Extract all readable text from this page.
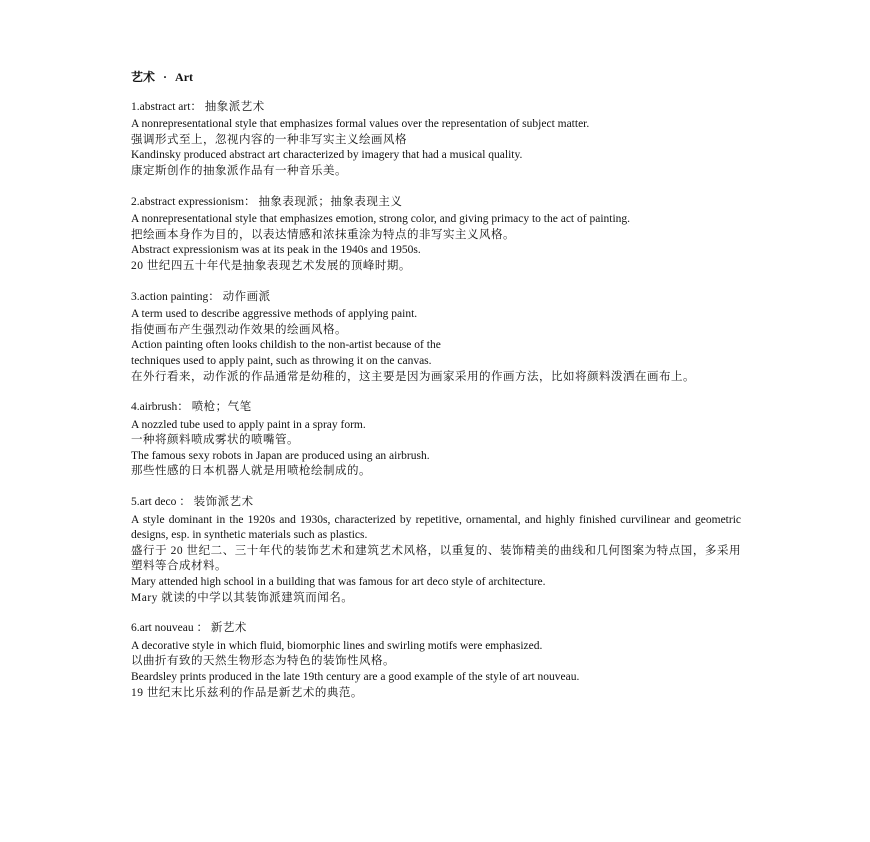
艺术 · Art
1.abstract art： 抽象派艺术
A nonrepresentational style that emphasizes formal values over the representation of subject matter.
强调形式至上，忽视内容的一种非写实主义绘画风格
Kandinsky produced abstract art characterized by imagery that had a musical quality.
康定斯创作的抽象派作品有一种音乐美。
2.abstract expressionism： 抽象表现派；抽象表现主义
A nonrepresentational style that emphasizes emotion, strong color, and giving primacy to the act of painting.
把绘画本身作为目的，以表达情感和浓抹重涂为特点的非写实主义风格。
Abstract expressionism was at its peak in the 1940s and 1950s.
20 世纪四五十年代是抽象表现艺术发展的顶峰时期。
3.action painting： 动作画派
A term used to describe aggressive methods of applying paint.
指使画布产生强烈动作效果的绘画风格。
Action painting often looks childish to the non-artist because of the
techniques used to apply paint, such as throwing it on the canvas.
在外行看来，动作派的作品通常是幼稚的，这主要是因为画家采用的作画方法，比如将颜料泼洒在画布上。
4.airbrush： 喷枪；气笔
A nozzled tube used to apply paint in a spray form.
一种将颜料喷成雾状的喷嘴管。
The famous sexy robots in Japan are produced using an airbrush.
那些性感的日本机器人就是用喷枪绘制成的。
5.art deco ： 装饰派艺术
A style dominant in the 1920s and 1930s, characterized by repetitive, ornamental, and highly finished curvilinear and geometric designs, esp. in synthetic materials such as plastics.
盛行于 20 世纪二、三十年代的装饰艺术和建筑艺术风格，以重复的、装饰精美的曲线和几何图案为特点国，多采用塑料等合成材料。
Mary attended high school in a building that was famous for art deco style of architecture.
Mary 就读的中学以其装饰派建筑而闻名。
6.art nouveau ： 新艺术
A decorative style in which fluid, biomorphic lines and swirling motifs were emphasized.
以曲折有致的天然生物形态为特色的装饰性风格。
Beardsley prints produced in the late 19th century are a good example of the style of art nouveau.
19 世纪末比乐兹利的作品是新艺术的典范。
